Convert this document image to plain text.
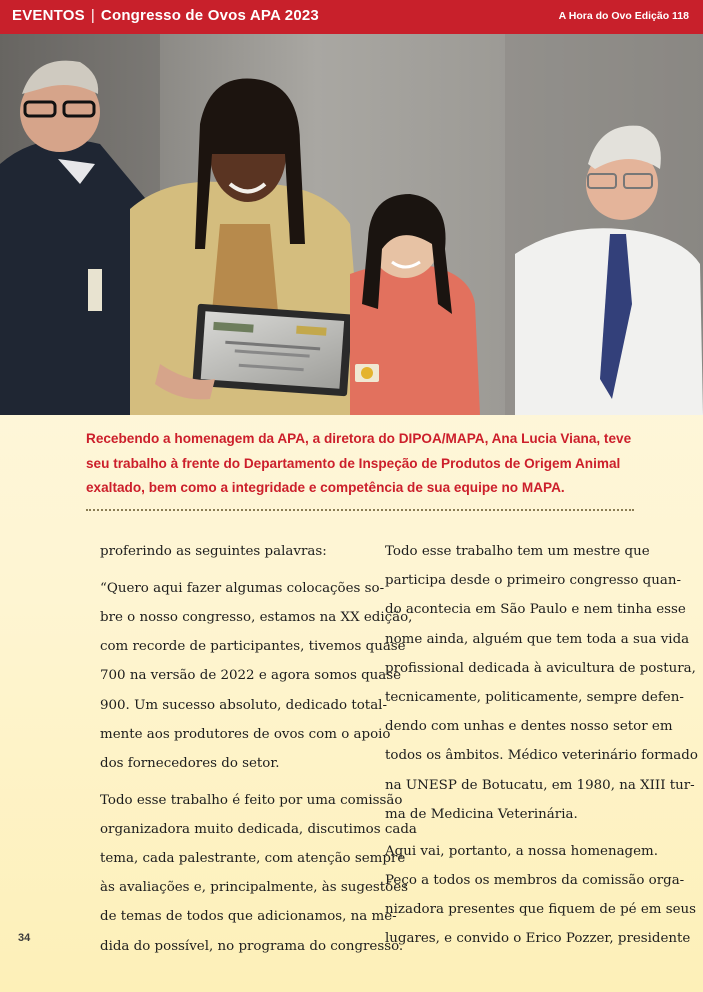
EVENTOS | Congresso de Ovos APA 2023	A Hora do Ovo Edição 118

Recebendo a homenagem da APA, a diretora do DIPOA/MAPA, Ana Lucia Viana, teve seu trabalho à frente do Departamento de Inspeção de Produtos de Origem Animal exaltado, bem como a integridade e competência de sua equipe no MAPA.

proferindo as seguintes palavras:

“Quero aqui fazer algumas colocações so-
bre o nosso congresso, estamos na XX edição,
com recorde de participantes, tivemos quase
700 na versão de 2022 e agora somos quase
900. Um sucesso absoluto, dedicado total-
mente aos produtores de ovos com o apoio
dos fornecedores do setor.

Todo esse trabalho é feito por uma comissão
organizadora muito dedicada, discutimos cada
tema, cada palestrante, com atenção sempre
às avaliações e, principalmente, às sugestões
de temas de todos que adicionamos, na me-
dida do possível, no programa do congresso.

Todo esse trabalho tem um mestre que
participa desde o primeiro congresso quan-
do acontecia em São Paulo e nem tinha esse
nome ainda, alguém que tem toda a sua vida
profissional dedicada à avicultura de postura,
tecnicamente, politicamente, sempre defen-
dendo com unhas e dentes nosso setor em
todos os âmbitos. Médico veterinário formado
na UNESP de Botucatu, em 1980, na XIII tur-
ma de Medicina Veterinária.

Aqui vai, portanto, a nossa homenagem.
Peço a todos os membros da comissão orga-
nizadora presentes que fiquem de pé em seus
lugares, e convido o Erico Pozzer, presidente

34
